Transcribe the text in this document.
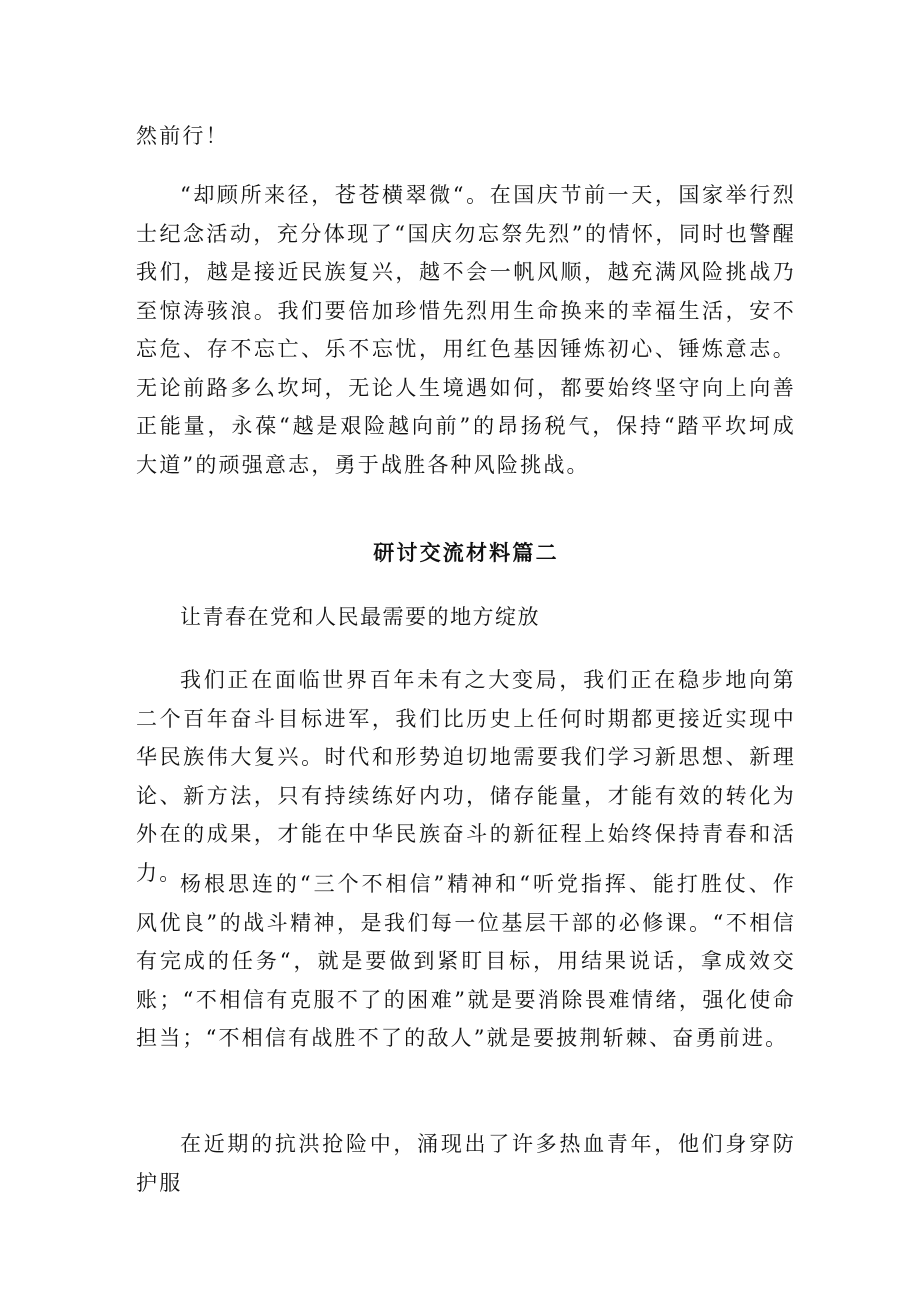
然前行！
“却顾所来径，苍苍横翠微“。在国庆节前一天，国家举行烈士纪念活动，充分体现了“国庆勿忘祭先烈”的情怀，同时也警醒我们，越是接近民族复兴，越不会一帆风顺，越充满风险挑战乃至惊涛骇浪。我们要倍加珍惜先烈用生命换来的幸福生活，安不忘危、存不忘亡、乐不忘忧，用红色基因锤炼初心、锤炼意志。无论前路多么坎坷，无论人生境遇如何，都要始终坚守向上向善正能量，永葆“越是艰险越向前”的昂扬税气，保持“踏平坎坷成大道”的顽强意志，勇于战胜各种风险挑战。
研讨交流材料篇二
让青春在党和人民最需要的地方绽放
我们正在面临世界百年未有之大变局，我们正在稳步地向第二个百年奋斗目标进军，我们比历史上任何时期都更接近实现中华民族伟大复兴。时代和形势迫切地需要我们学习新思想、新理论、新方法，只有持续练好内功，储存能量，才能有效的转化为外在的成果，才能在中华民族奋斗的新征程上始终保持青春和活力。
杨根思连的“三个不相信”精神和“听党指挥、能打胜仗、作风优良”的战斗精神，是我们每一位基层干部的必修课。“不相信有完成的任务“，就是要做到紧盯目标，用结果说话，拿成效交账；“不相信有克服不了的困难”就是要消除畏难情绪，强化使命担当；“不相信有战胜不了的敌人”就是要披荆斩棘、奋勇前进。
在近期的抗洪抢险中，涌现出了许多热血青年，他们身穿防护服
